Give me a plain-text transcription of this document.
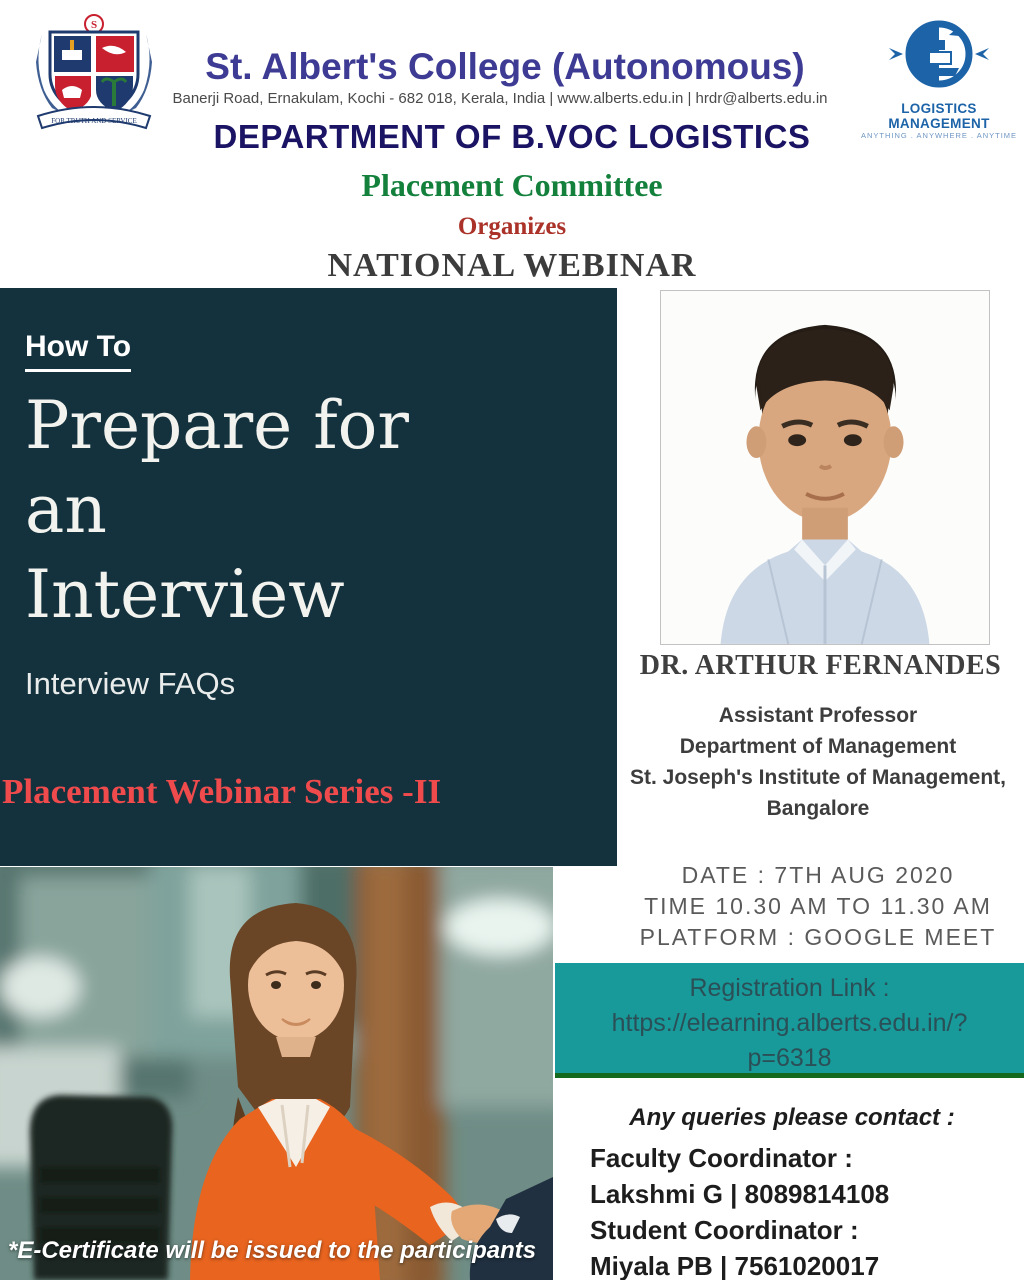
S
FOR TRUTH AND SERVICE
LOGISTICS MANAGEMENT
ANYTHING . ANYWHERE . ANYTIME
St. Albert's College (Autonomous)
Banerji Road, Ernakulam, Kochi - 682 018, Kerala, India | www.alberts.edu.in | hrdr@alberts.edu.in
DEPARTMENT OF B.VOC LOGISTICS
Placement Committee
Organizes
NATIONAL WEBINAR
How To
Prepare for
an
Interview
Interview FAQs
Placement Webinar Series -II
DR. ARTHUR FERNANDES
Assistant Professor
Department of Management
St. Joseph's Institute of Management,
Bangalore
DATE : 7TH AUG 2020
TIME 10.30 AM TO 11.30 AM
PLATFORM : GOOGLE MEET
Registration Link :
https://elearning.alberts.edu.in/?
p=6318
Any queries please contact :
Faculty Coordinator :
Lakshmi G | 8089814108
Student Coordinator :
Miyala PB | 7561020017
*E-Certificate will be issued to the participants
